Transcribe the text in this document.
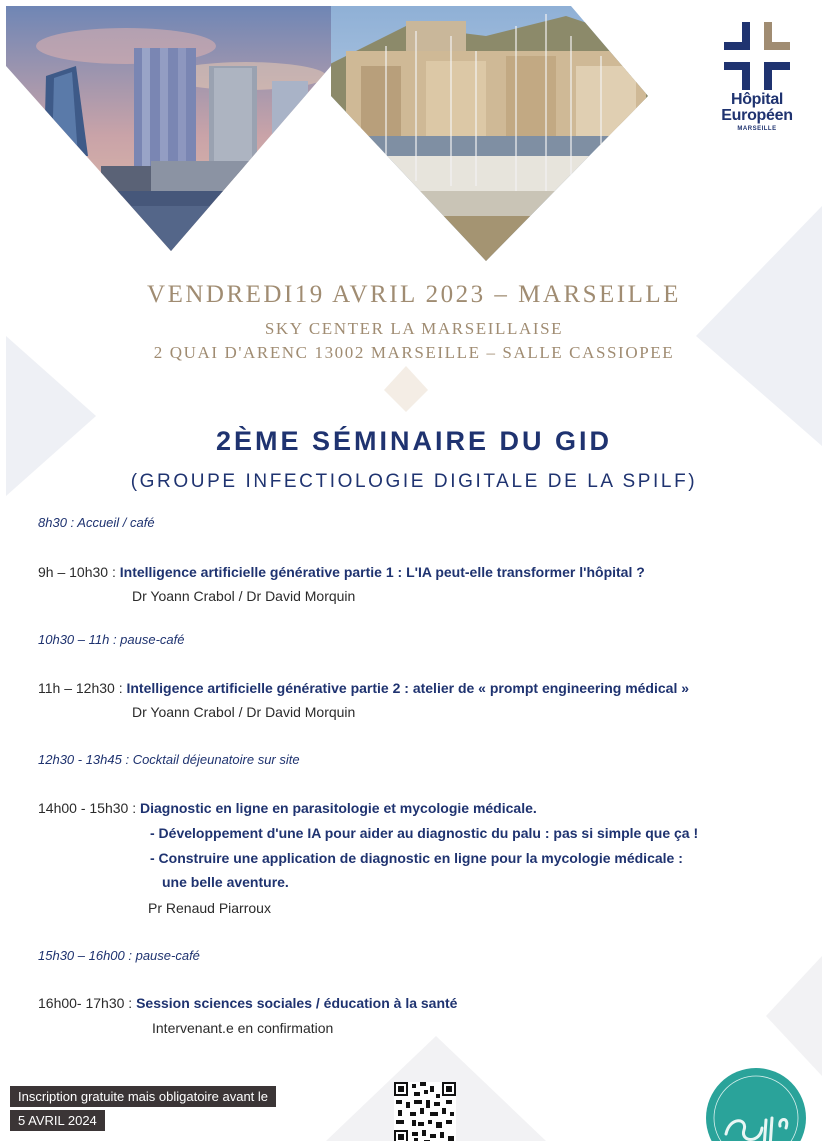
Hôpital
Européen
MARSEILLE
VENDREDI19 AVRIL 2023 – MARSEILLE
SKY CENTER LA MARSEILLAISE
2 QUAI D'ARENC 13002 MARSEILLE – SALLE CASSIOPEE
2ÈME SÉMINAIRE DU GID
(GROUPE INFECTIOLOGIE DIGITALE DE LA SPILF)
8h30 : Accueil / café
9h – 10h30 : Intelligence artificielle générative partie 1 : L'IA peut-elle transformer l'hôpital ?
Dr Yoann Crabol / Dr David Morquin
10h30 – 11h : pause-café
11h – 12h30 : Intelligence artificielle générative partie 2 : atelier de « prompt engineering médical »
Dr Yoann Crabol / Dr David Morquin
12h30 - 13h45 : Cocktail déjeunatoire sur site
14h00 - 15h30 : Diagnostic en ligne en parasitologie et mycologie médicale.
- Développement d'une IA pour aider au diagnostic du palu : pas si simple que ça !
- Construire une application de diagnostic en ligne pour la mycologie médicale :
une belle aventure.
Pr Renaud Piarroux
15h30 – 16h00 : pause-café
16h00- 17h30 : Session sciences sociales / éducation à la santé
Intervenant.e en confirmation
Inscription gratuite mais obligatoire avant le
5 AVRIL 2024
